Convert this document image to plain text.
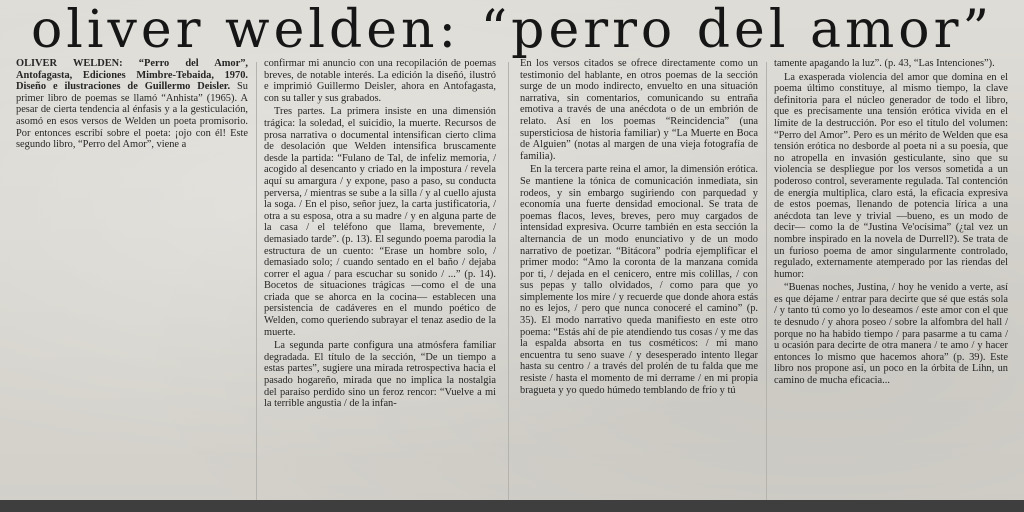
oliver welden: “perro del amor”

OLIVER WELDEN: “Perro del Amor”, Antofagasta, Ediciones Mimbre-Tebaida, 1970. Diseño e ilustraciones de Guillermo Deisler. Su primer libro de poemas se llamó “Anhista” (1965). A pesar de cierta tendencia al énfasis y a la gesticulación, asomó en esos versos de Welden un poeta promisorio. Por entonces escribí sobre el poeta: ¡ojo con él! Este segundo libro, “Perro del Amor”, viene a

confirmar mi anuncio con una recopilación de poemas breves, de notable interés. La edición la diseñó, ilustró e imprimió Guillermo Deisler, ahora en Antofagasta, con su taller y sus grabados.

Tres partes. La primera insiste en una dimensión trágica: la soledad, el suicidio, la muerte. Recursos de prosa narrativa o documental intensifican cierto clima de desolación que Welden intensifica bruscamente desde la partida: “Fulano de Tal, de infeliz memoria, / acogido al desencanto y criado en la impostura / revela aquí su amargura / y expone, paso a paso, su conducta perversa, / mientras se sube a la silla / y al cuello ajusta la soga. / En el piso, señor juez, la carta justificatoria, / otra a su esposa, otra a su madre / y en alguna parte de la casa / el teléfono que llama, brevemente, / demasiado tarde”. (p. 13). El segundo poema parodia la estructura de un cuento: “Erase un hombre solo, / demasiado solo; / cuando sentado en el baño / dejaba correr el agua / para escuchar su sonido / ...” (p. 14). Bocetos de situaciones trágicas —como el de una criada que se ahorca en la cocina— establecen una persistencia de cadáveres en el mundo poético de Welden, como queriendo subrayar el tenaz asedio de la muerte.

La segunda parte configura una atmósfera familiar degradada. El título de la sección, “De un tiempo a estas partes”, sugiere una mirada retrospectiva hacia el pasado hogareño, mirada que no implica la nostalgia del paraíso perdido sino un feroz rencor: “Vuelve a mi la terrible angustia / de la infan-

En los versos citados se ofrece directamente como un testimonio del hablante, en otros poemas de la sección surge de un modo indirecto, envuelto en una situación narrativa, sin comentarios, comunicando su entraña emotiva a través de una anécdota o de un embrión de relato. Así en los poemas “Reincidencia” (una supersticiosa de historia familiar) y “La Muerte en Boca de Alguien” (notas al margen de una vieja fotografía de familia).

En la tercera parte reina el amor, la dimensión erótica. Se mantiene la tónica de comunicación inmediata, sin rodeos, y sin embargo sugiriendo con parquedad y economía una fuerte densidad emocional. Se trata de poemas flacos, leves, breves, pero muy cargados de intensidad expresiva. Ocurre también en esta sección la alternancia de un modo enunciativo y de un modo narrativo de poetizar. “Bitácora” podría ejemplificar el primer modo: “Amo la coronta de la manzana comida por ti, / dejada en el cenicero, entre mis colillas, / con sus pepas y tallo olvidados, / como para que yo simplemente los mire / y recuerde que donde ahora estás no es lejos, / pero que nunca conoceré el camino” (p. 35). El modo narrativo queda manifiesto en este otro poema: “Estás ahí de pie atendiendo tus cosas / y me das la espalda absorta en tus cosméticos: / mi mano encuentra tu seno suave / y desesperado intento llegar hasta su centro / a través del prolén de tu falda que me resiste / hasta el momento de mi derrame / en mi propia bragueta y yo quedo húmedo temblando de frío y tú

tamente apagando la luz”. (p. 43, “Las Intenciones”).

La exasperada violencia del amor que domina en el poema último constituye, al mismo tiempo, la clave definitoria para el núcleo generador de todo el libro, que es precisamente una tensión erótica vivida en el límite de la destrucción. Por eso el título del volumen: “Perro del Amor”. Pero es un mérito de Welden que esa tensión erótica no desborde al poeta ni a su poesía, que no atropella en invasión gesticulante, sino que su violencia se despliegue por los versos sometida a un poderoso control, severamente regulada. Tal contención de energía multiplica, claro está, la eficacia expresiva de estos poemas, llenando de potencia lírica a una anécdota tan leve y trivial —bueno, es un modo de decir— como la de “Justina Ve'ocísima” (¿tal vez un nombre inspirado en la novela de Durrell?). Se trata de un furioso poema de amor singularmente controlado, regulado, externamente atemperado por las riendas del humor:

“Buenas noches, Justina, / hoy he venido a verte, así es que déjame / entrar para decirte que sé que estás sola / y tanto tú como yo lo deseamos / este amor con el que te desnudo / y ahora poseo / sobre la alfombra del hall / porque no ha habido tiempo / para pasarme a tu cama / u ocasión para decirte de otra manera / te amo / y hacer entonces lo mismo que hacemos ahora” (p. 39). Este libro nos propone así, un poco en la órbita de Lihn, un camino de mucha eficacia...
